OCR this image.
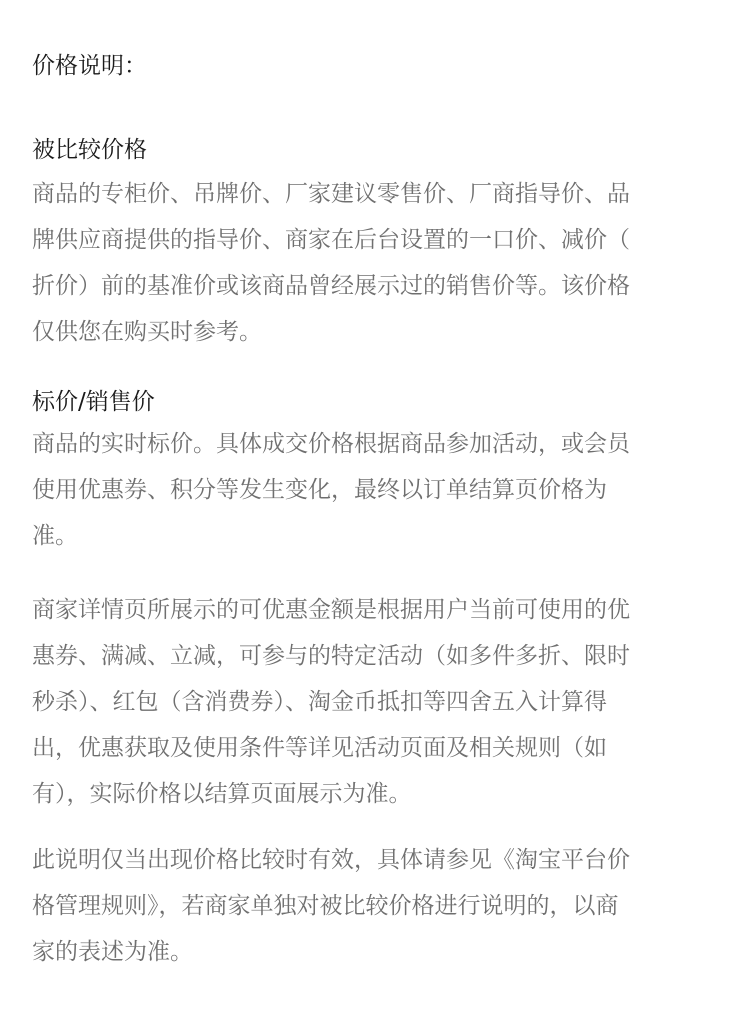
价格说明：
被比较价格
商品的专柜价、吊牌价、厂家建议零售价、厂商指导价、品
牌供应商提供的指导价、商家在后台设置的一口价、减价（
折价）前的基准价或该商品曾经展示过的销售价等。该价格
仅供您在购买时参考。
标价/销售价
商品的实时标价。具体成交价格根据商品参加活动，或会员
使用优惠券、积分等发生变化，最终以订单结算页价格为
准。
商家详情页所展示的可优惠金额是根据用户当前可使用的优
惠券、满减、立减，可参与的特定活动（如多件多折、限时
秒杀）、红包（含消费券）、淘金币抵扣等四舍五入计算得
出，优惠获取及使用条件等详见活动页面及相关规则（如
有），实际价格以结算页面展示为准。
此说明仅当出现价格比较时有效，具体请参见《淘宝平台价
格管理规则》，若商家单独对被比较价格进行说明的，以商
家的表述为准。
